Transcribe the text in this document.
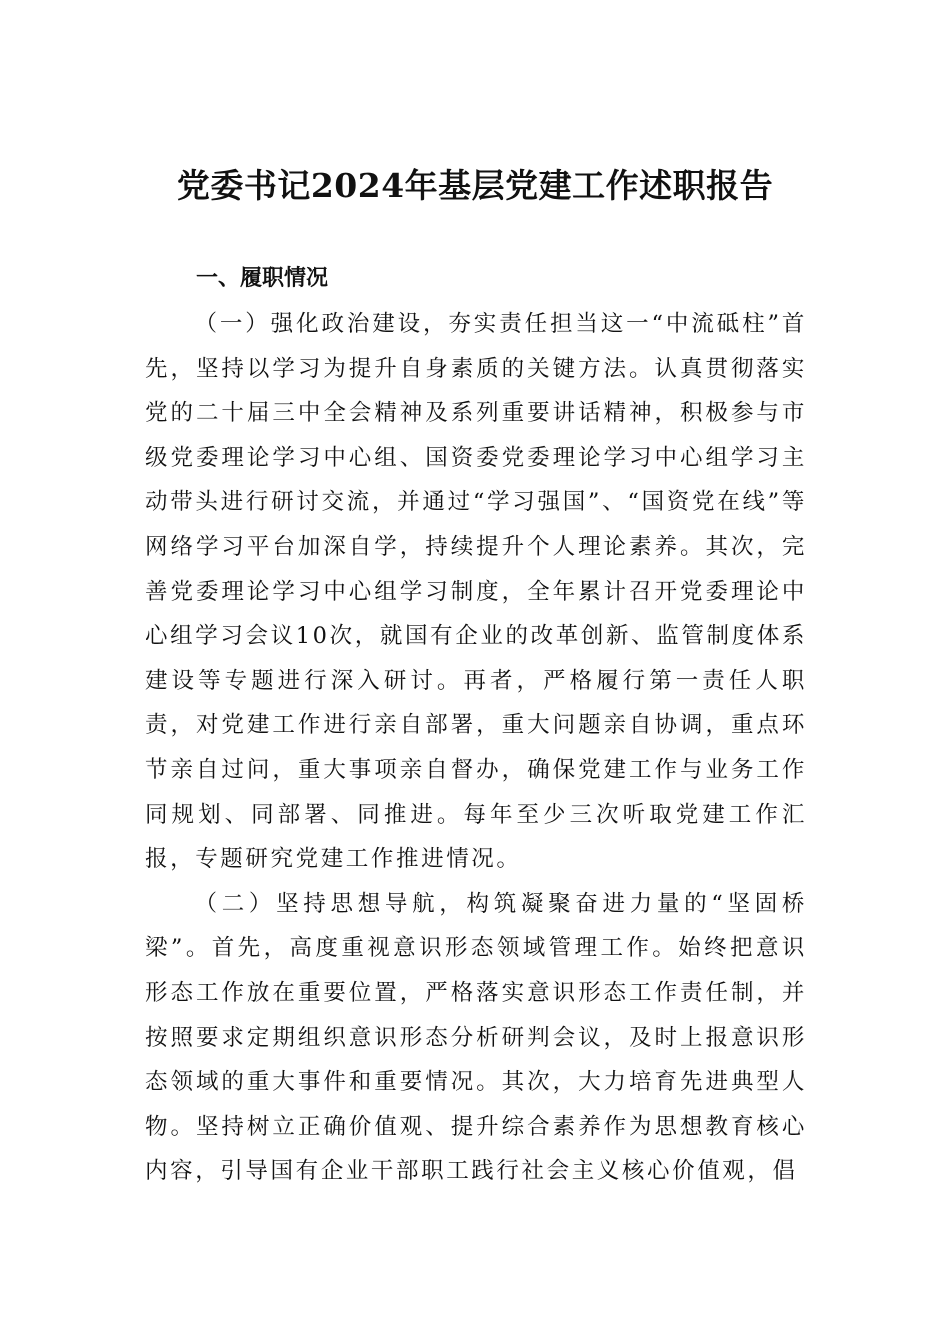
党委书记2024年基层党建工作述职报告
一、履职情况

（一）强化政治建设，夯实责任担当这一“中流砥柱”首先，坚持以学习为提升自身素质的关键方法。认真贯彻落实党的二十届三中全会精神及系列重要讲话精神，积极参与市级党委理论学习中心组、国资委党委理论学习中心组学习主动带头进行研讨交流，并通过“学习强国”、“国资党在线”等网络学习平台加深自学，持续提升个人理论素养。其次，完善党委理论学习中心组学习制度，全年累计召开党委理论中心组学习会议10次，就国有企业的改革创新、监管制度体系建设等专题进行深入研讨。再者，严格履行第一责任人职责，对党建工作进行亲自部署，重大问题亲自协调，重点环节亲自过问，重大事项亲自督办，确保党建工作与业务工作同规划、同部署、同推进。每年至少三次听取党建工作汇报，专题研究党建工作推进情况。

（二）坚持思想导航，构筑凝聚奋进力量的“坚固桥梁”。首先，高度重视意识形态领域管理工作。始终把意识形态工作放在重要位置，严格落实意识形态工作责任制，并按照要求定期组织意识形态分析研判会议，及时上报意识形态领域的重大事件和重要情况。其次，大力培育先进典型人物。坚持树立正确价值观、提升综合素养作为思想教育核心内容，引导国有企业干部职工践行社会主义核心价值观，倡
